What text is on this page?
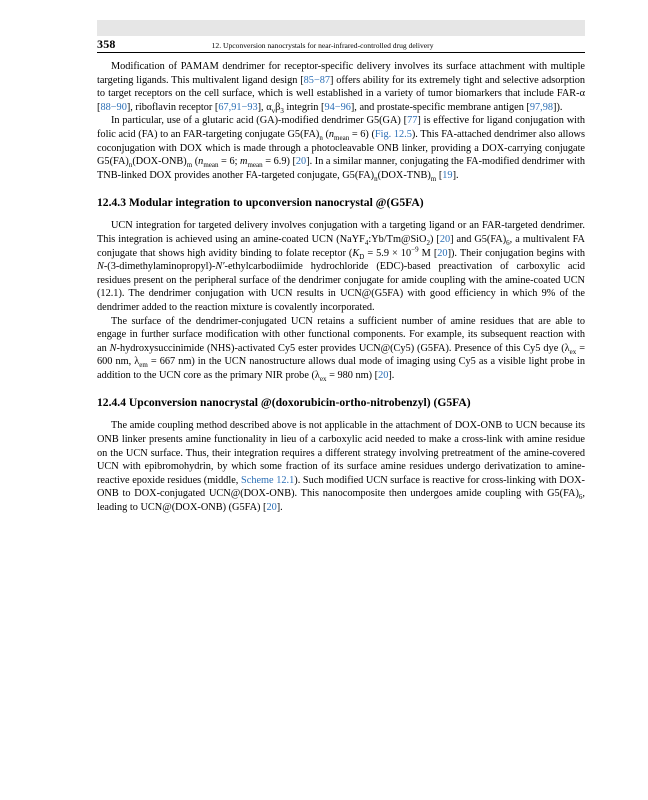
358	12. Upconversion nanocrystals for near-infrared-controlled drug delivery

Modification of PAMAM dendrimer for receptor-specific delivery involves its surface attachment with multiple targeting ligands. This multivalent ligand design [85−87] offers ability for its extremely tight and selective adsorption to target receptors on the cell surface, which is well established in a variety of tumor biomarkers that include FAR-α [88−90], riboflavin receptor [67,91−93], $\alpha_v\beta_3$ integrin [94−96], and prostate-specific membrane antigen [97,98]).

In particular, use of a glutaric acid (GA)-modified dendrimer G5(GA) [77] is effective for ligand conjugation with folic acid (FA) to an FAR-targeting conjugate $G5(FA)_n$ $(n_{mean} = 6)$ (Fig. 12.5). This FA-attached dendrimer also allows coconjugation with DOX which is made through a photocleavable ONB linker, providing a DOX-carrying conjugate $G5(FA)_n(DOX-ONB)_m$ ($n_{mean} = 6$; $m_{mean} = 6.9$) [20]. In a similar manner, conjugating the FA-modified dendrimer with TNB-linked DOX provides another FA-targeted conjugate, $G5(FA)_n(DOX-TNB)_m$ [19].

12.4.3 Modular integration to upconversion nanocrystal @(G5FA)

UCN integration for targeted delivery involves conjugation with a targeting ligand or an FAR-targeted dendrimer. This integration is achieved using an amine-coated UCN (NaYF$_4$:Yb/Tm@SiO$_2$) [20] and $G5(FA)_6$, a multivalent FA conjugate that shows high avidity binding to folate receptor ($K_D = 5.9 \times 10^{-9}$ M [20]). Their conjugation begins with N-(3-dimethylaminopropyl)-N′-ethylcarbodiimide hydrochloride (EDC)-based preactivation of carboxylic acid residues present on the peripheral surface of the dendrimer conjugate for amide coupling with the amine-coated UCN (12.1). The dendrimer conjugation with UCN results in UCN@(G5FA) with good efficiency in which 9% of the dendrimer added to the reaction mixture is covalently incorporated.

The surface of the dendrimer-conjugated UCN retains a sufficient number of amine residues that are able to engage in further surface modification with other functional components. For example, its subsequent reaction with an N-hydroxysuccinimide (NHS)-activated Cy5 ester provides UCN@(Cy5) (G5FA). Presence of this Cy5 dye ($\lambda_{ex} = 600$ nm, $\lambda_{em} = 667$ nm) in the UCN nanostructure allows dual mode of imaging using Cy5 as a visible light probe in addition to the UCN core as the primary NIR probe ($\lambda_{ex} = 980$ nm) [20].

12.4.4 Upconversion nanocrystal @(doxorubicin-ortho-nitrobenzyl) (G5FA)

The amide coupling method described above is not applicable in the attachment of DOX-ONB to UCN because its ONB linker presents amine functionality in lieu of a carboxylic acid needed to make a cross-link with amine residue on the UCN surface. Thus, their integration requires a different strategy involving pretreatment of the amine-covered UCN with epibromohydrin, by which some fraction of its surface amine residues undergo derivatization to amine-reactive epoxide residues (middle, Scheme 12.1). Such modified UCN surface is reactive for cross-linking with DOX-ONB to DOX-conjugated UCN@(DOX-ONB). This nanocomposite then undergoes amide coupling with $G5(FA)_6$, leading to UCN@(DOX-ONB) (G5FA) [20].
